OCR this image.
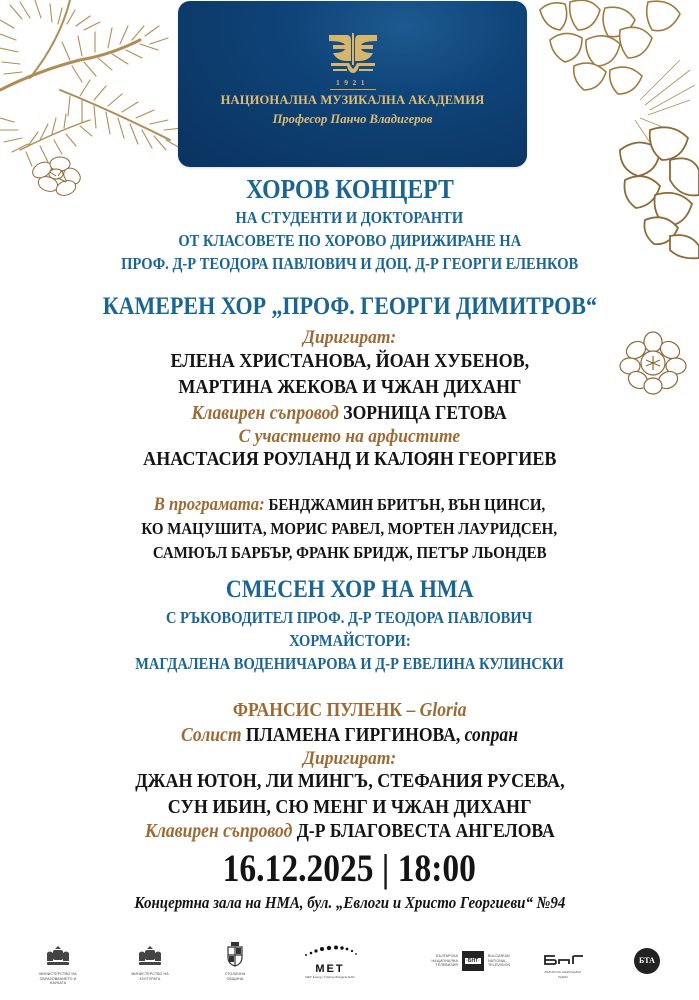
1921
НАЦИОНАЛНА МУЗИКАЛНА АКАДЕМИЯ
Професор Панчо Владигеров
ХОРОВ КОНЦЕРТ
НА СТУДЕНТИ И ДОКТОРАНТИ
ОТ КЛАСОВЕТЕ ПО ХОРОВО ДИРИЖИРАНЕ НА
ПРОФ. Д-Р ТЕОДОРА ПАВЛОВИЧ И ДОЦ. Д-Р ГЕОРГИ ЕЛЕНКОВ
КАМЕРЕН ХОР „ПРОФ. ГЕОРГИ ДИМИТРОВ“
Диригират:
ЕЛЕНА ХРИСТАНОВА, ЙОАН ХУБЕНОВ,
МАРТИНА ЖЕКОВА И ЧЖАН ДИХАНГ
Клавирен съпровод ЗОРНИЦА ГЕТОВА
С участието на арфистите
АНАСТАСИЯ РОУЛАНД И КАЛОЯН ГЕОРГИЕВ
В програмата: БЕНДЖАМИН БРИТЪН, ВЪН ЦИНСИ,
КО МАЦУШИТА, МОРИС РАВЕЛ, МОРТЕН ЛАУРИДСЕН,
САМЮЪЛ БАРБЪР, ФРАНК БРИДЖ, ПЕТЪР ЛЬОНДЕВ
СМЕСЕН ХОР НА НМА
С РЪКОВОДИТЕЛ ПРОФ. Д-Р ТЕОДОРА ПАВЛОВИЧ
ХОРМАЙСТОРИ:
МАГДАЛЕНА ВОДЕНИЧАРОВА И Д-Р ЕВЕЛИНА КУЛИНСКИ
ФРАНСИС ПУЛЕНК – Gloria
Солист ПЛАМЕНА ГИРГИНОВА, сопран
Диригират:
ДЖАН ЮТОН, ЛИ МИНГЪ, СТЕФАНИЯ РУСЕВА,
СУН ИБИН, СЮ МЕНГ И ЧЖАН ДИХАНГ
Клавирен съпровод Д-Р БЛАГОВЕСТА АНГЕЛОВА
16.12.2025 | 18:00
Концертна зала на НМА, бул. „Евлоги и Христо Георгиеви“ №94
МИНИСТЕРСТВО НА ОБРАЗОВАНИЕТО И НАУКАТА
МИНИСТЕРСТВО НА КУЛТУРАТА
СТОЛИЧНА ОБЩИНА
MET
MET Energy Trading Bulgaria EAD
БЪЛГАРСКА НАЦИОНАЛНА ТЕЛЕВИЗИЯ
·БНТ·
BULGARIAN NATIONAL TELEVISION
БЪЛГАРСКО НАЦИОНАЛНО РАДИО
БТА
